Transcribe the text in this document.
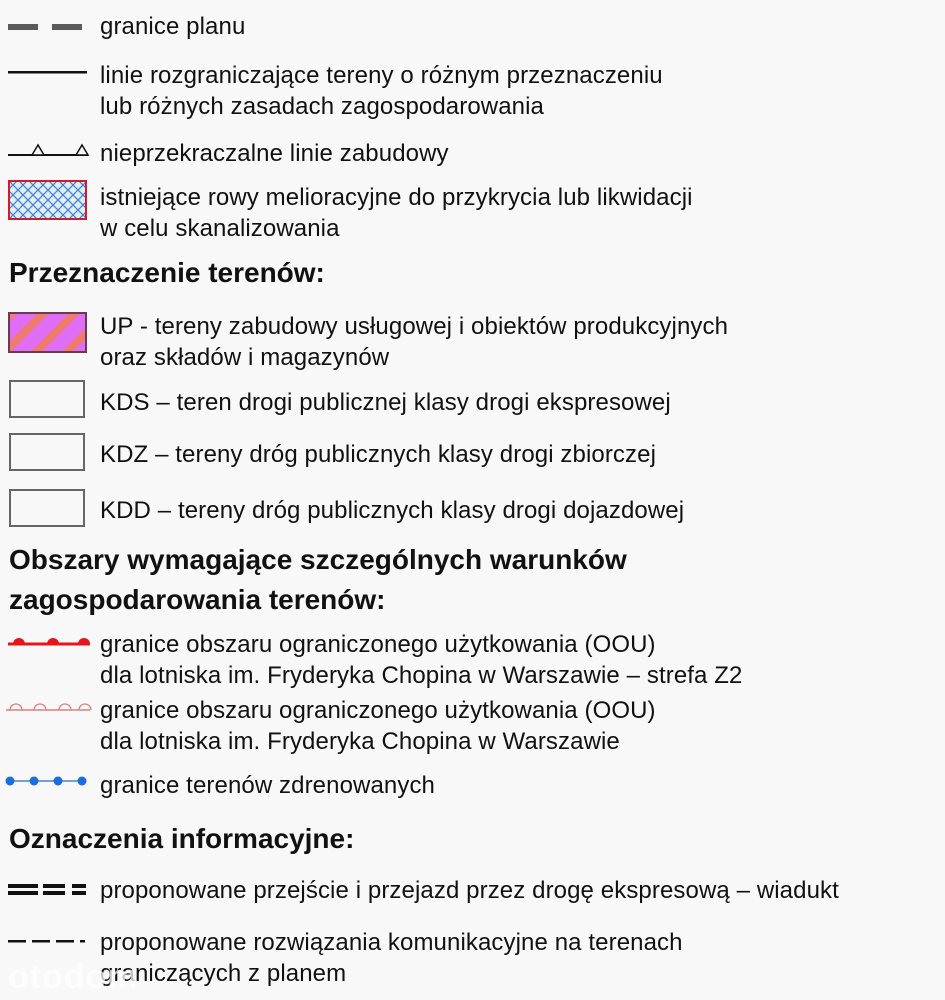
granice planu
linie rozgraniczające tereny o różnym przeznaczeniu
lub różnych zasadach zagospodarowania
nieprzekraczalne linie zabudowy
istniejące rowy melioracyjne do przykrycia lub likwidacji
w celu skanalizowania
Przeznaczenie terenów:
UP - tereny zabudowy usługowej i obiektów produkcyjnych
oraz składów i magazynów
KDS – teren drogi publicznej klasy drogi ekspresowej
KDZ – tereny dróg publicznych klasy drogi zbiorczej
KDD – tereny dróg publicznych klasy drogi dojazdowej
Obszary wymagające szczególnych warunków
zagospodarowania terenów:
granice obszaru ograniczonego użytkowania (OOU)
dla lotniska im. Fryderyka Chopina w Warszawie – strefa Z2
granice obszaru ograniczonego użytkowania (OOU)
dla lotniska im. Fryderyka Chopina w Warszawie
granice terenów zdrenowanych
Oznaczenia informacyjne:
proponowane przejście i przejazd przez drogę ekspresową – wiadukt
proponowane rozwiązania komunikacyjne na terenach
graniczących z planem
otodom
